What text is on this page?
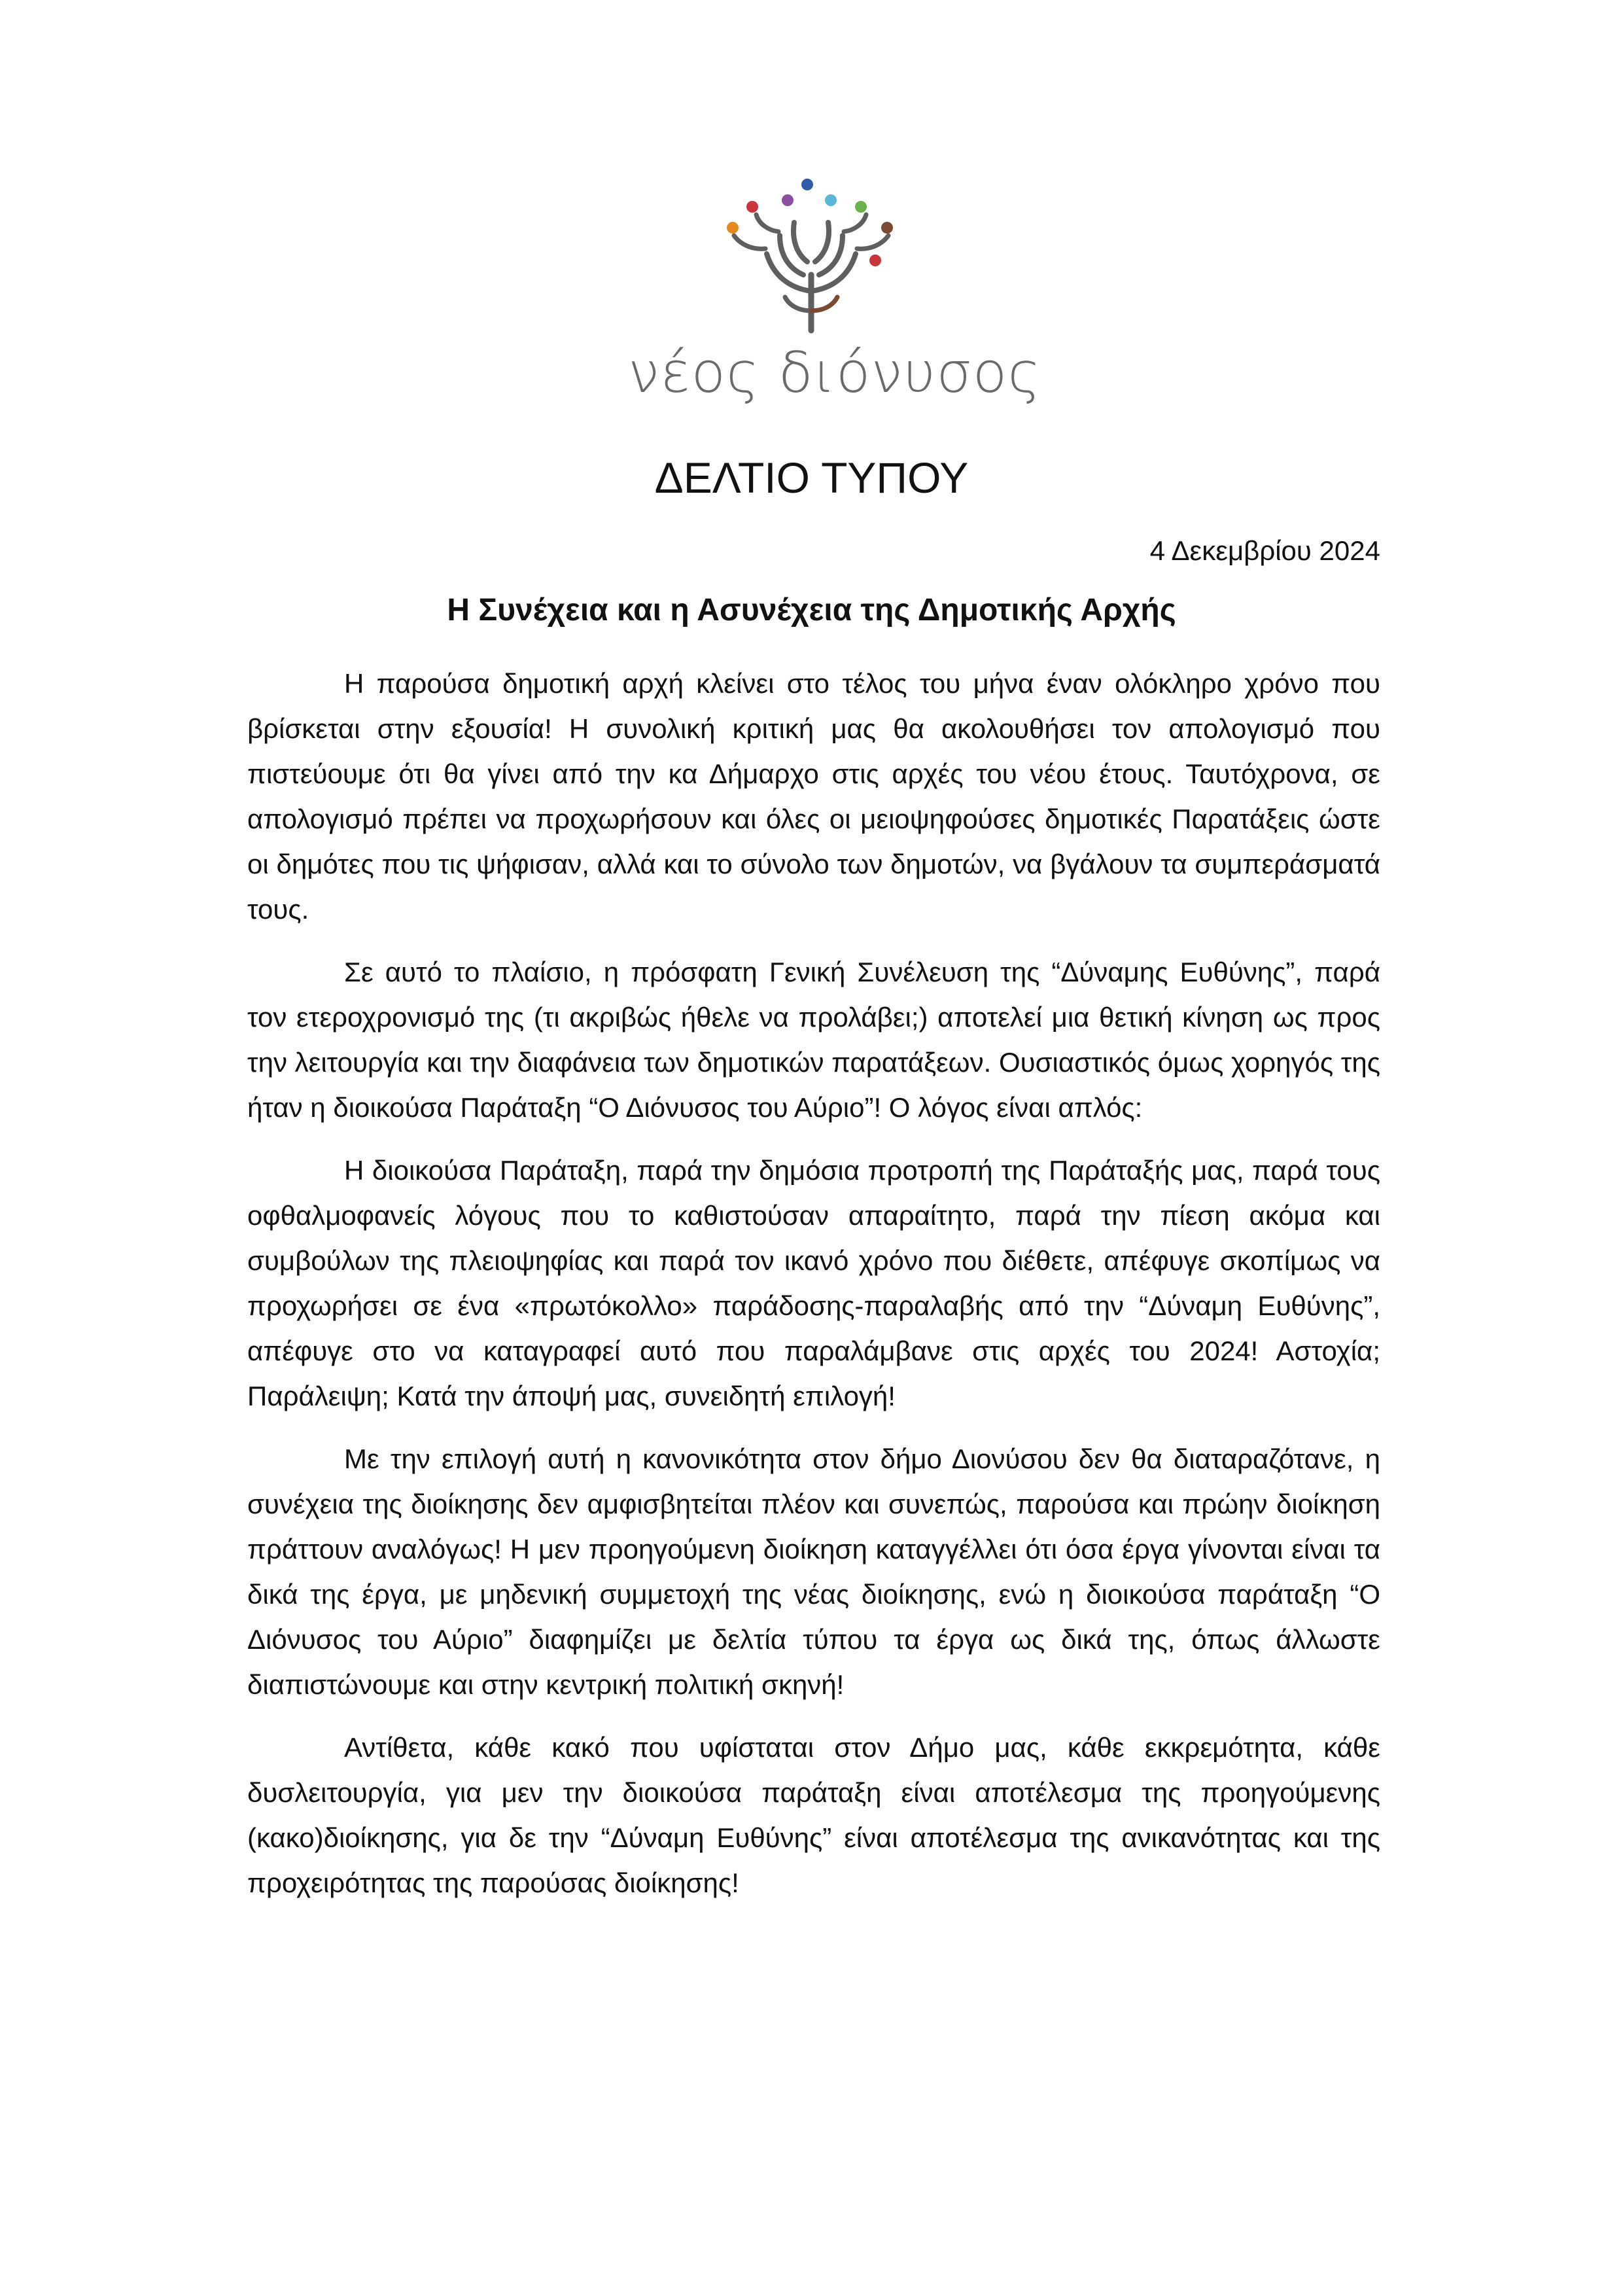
νέος διόνυσος
ΔΕΛΤΙΟ ΤΥΠΟΥ
4 Δεκεμβρίου 2024
Η Συνέχεια και η Ασυνέχεια της Δημοτικής Αρχής

Η παρούσα δημοτική αρχή κλείνει στο τέλος του μήνα έναν ολόκληρο χρόνο που βρίσκεται στην εξουσία! Η συνολική κριτική μας θα ακολουθήσει τον απολογισμό που πιστεύουμε ότι θα γίνει από την κα Δήμαρχο στις αρχές του νέου έτους. Ταυτόχρονα, σε απολογισμό πρέπει να προχωρήσουν και όλες οι μειοψηφούσες δημοτικές Παρατάξεις ώστε οι δημότες που τις ψήφισαν, αλλά και το σύνολο των δημοτών, να βγάλουν τα συμπεράσματά τους.

Σε αυτό το πλαίσιο, η πρόσφατη Γενική Συνέλευση της “Δύναμης Ευθύνης”, παρά τον ετεροχρονισμό της (τι ακριβώς ήθελε να προλάβει;) αποτελεί μια θετική κίνηση ως προς την λειτουργία και την διαφάνεια των δημοτικών παρατάξεων. Ουσιαστικός όμως χορηγός της ήταν η διοικούσα Παράταξη “Ο Διόνυσος του Αύριο”! Ο λόγος είναι απλός:

Η διοικούσα Παράταξη, παρά την δημόσια προτροπή της Παράταξής μας, παρά τους οφθαλμοφανείς λόγους που το καθιστούσαν απαραίτητο, παρά την πίεση ακόμα και συμβούλων της πλειοψηφίας και παρά τον ικανό χρόνο που διέθετε, απέφυγε σκοπίμως να προχωρήσει σε ένα «πρωτόκολλο» παράδοσης-παραλαβής από την “Δύναμη Ευθύνης”, απέφυγε στο να καταγραφεί αυτό που παραλάμβανε στις αρχές του 2024! Αστοχία; Παράλειψη; Κατά την άποψή μας, συνειδητή επιλογή!

Με την επιλογή αυτή η κανονικότητα στον δήμο Διονύσου δεν θα διαταραζότανε, η συνέχεια της διοίκησης δεν αμφισβητείται πλέον και συνεπώς, παρούσα και πρώην διοίκηση πράττουν αναλόγως! Η μεν προηγούμενη διοίκηση καταγγέλλει ότι όσα έργα γίνονται είναι τα δικά της έργα, με μηδενική συμμετοχή της νέας διοίκησης, ενώ η διοικούσα παράταξη “Ο Διόνυσος του Αύριο” διαφημίζει με δελτία τύπου τα έργα ως δικά της, όπως άλλωστε διαπιστώνουμε και στην κεντρική πολιτική σκηνή!

Αντίθετα, κάθε κακό που υφίσταται στον Δήμο μας, κάθε εκκρεμότητα, κάθε δυσλειτουργία, για μεν την διοικούσα παράταξη είναι αποτέλεσμα της προηγούμενης (κακο)διοίκησης, για δε την “Δύναμη Ευθύνης” είναι αποτέλεσμα της ανικανότητας και της προχειρότητας της παρούσας διοίκησης!
